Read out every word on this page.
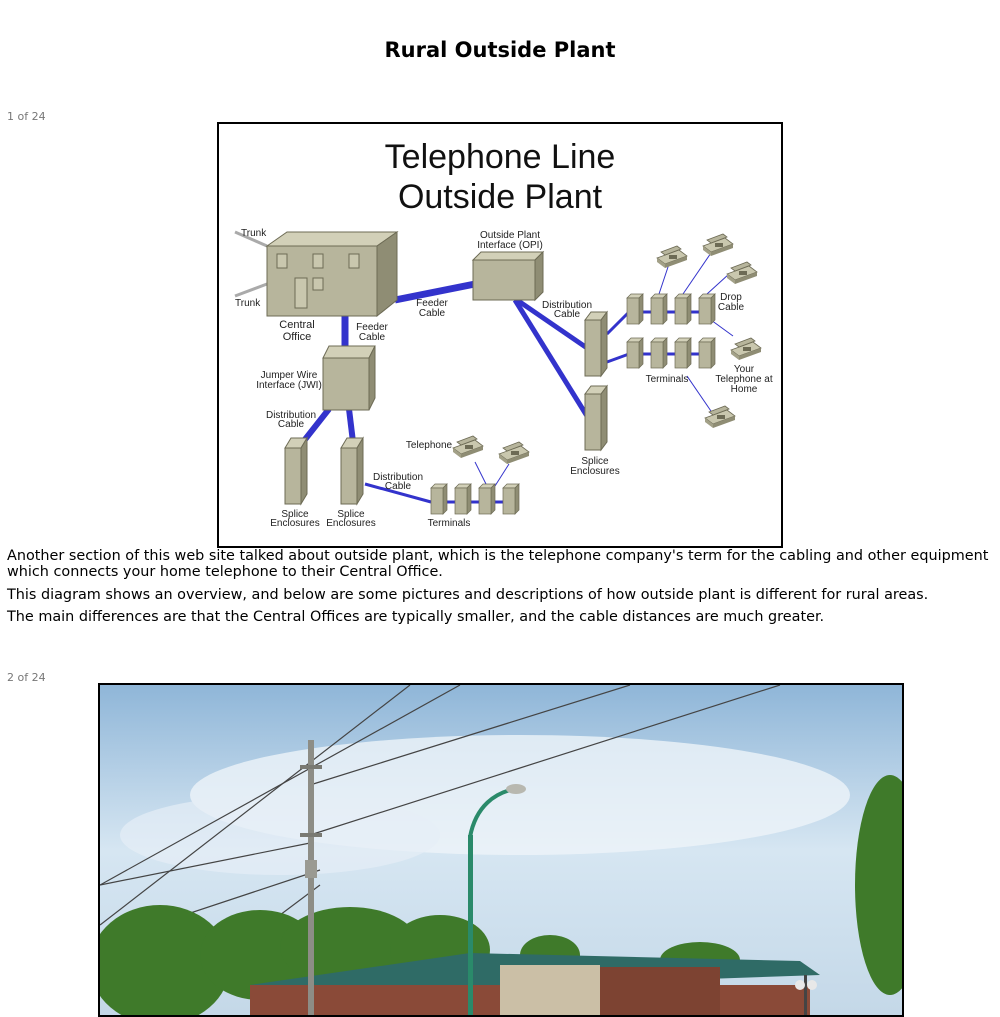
Rural Outside Plant
1 of 24
Telephone Line
Outside Plant
Trunk
Trunk
Central
Office
Feeder
Cable
Outside Plant
Interface (OPI)
Feeder
Cable
Distribution
Cable
Drop
Cable
Terminals
Your
Telephone at
Home
Jumper Wire
Interface (JWI)
Distribution
Cable
Telephone
Distribution
Cable
Splice
Enclosures
Splice
Enclosures	Terminals
Splice
Enclosures

Another section of this web site talked about outside plant, which is the telephone company's term for the cabling and other equipment which connects your home telephone to their Central Office.

This diagram shows an overview, and below are some pictures and descriptions of how outside plant is different for rural areas.

The main differences are that the Central Offices are typically smaller, and the cable distances are much greater.

2 of 24
